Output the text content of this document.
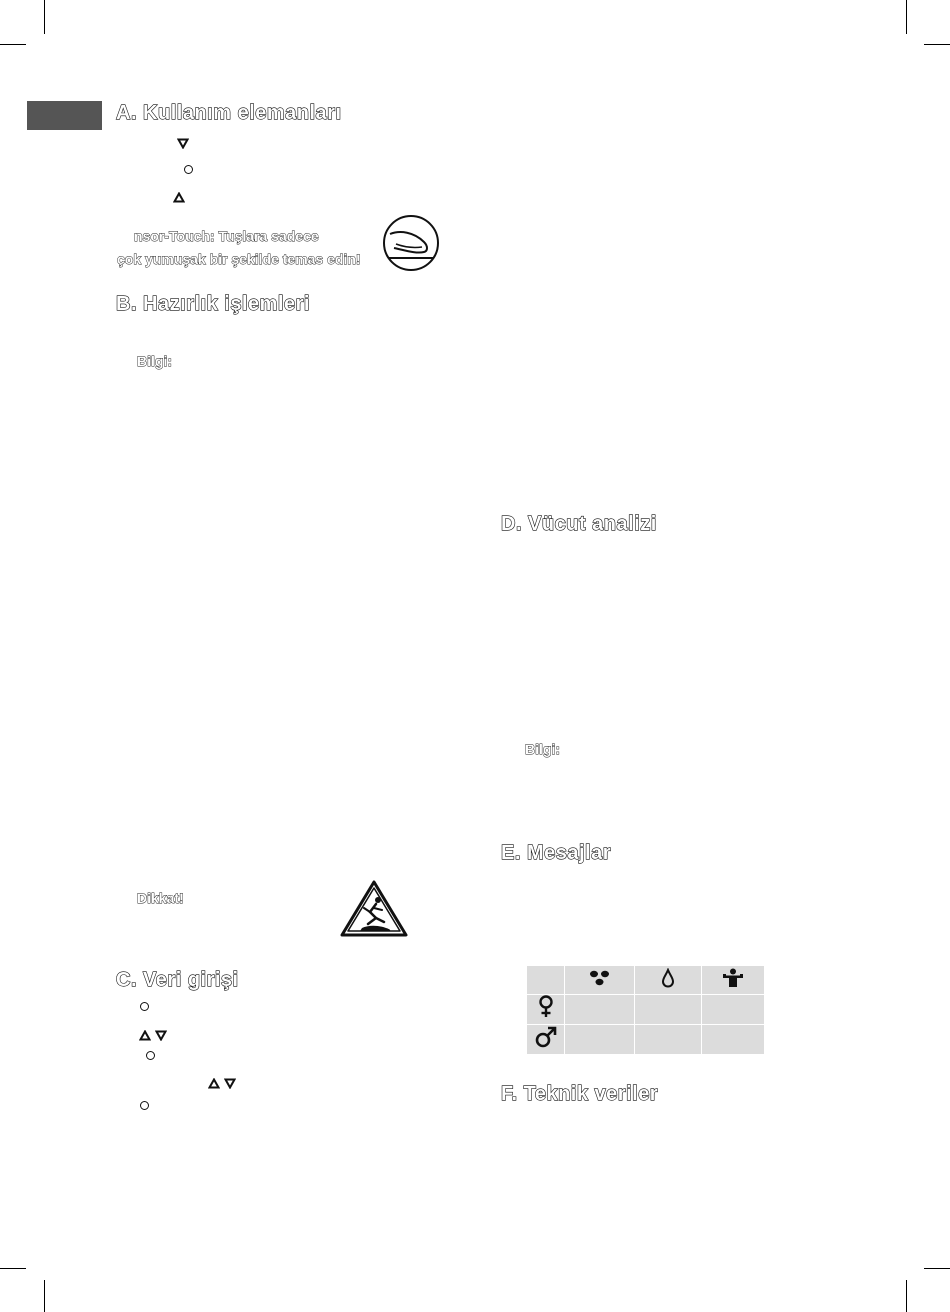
A. Kullanım elemanları
nsor-Touch: Tuşlara sadece
çok yumuşak bir şekilde temas edin!
B. Hazırlık işlemleri
Bilgi:
Dikkat!
C. Veri girişi
D. Vücut analizi
Bilgi:
E. Mesajlar

F. Teknik veriler
